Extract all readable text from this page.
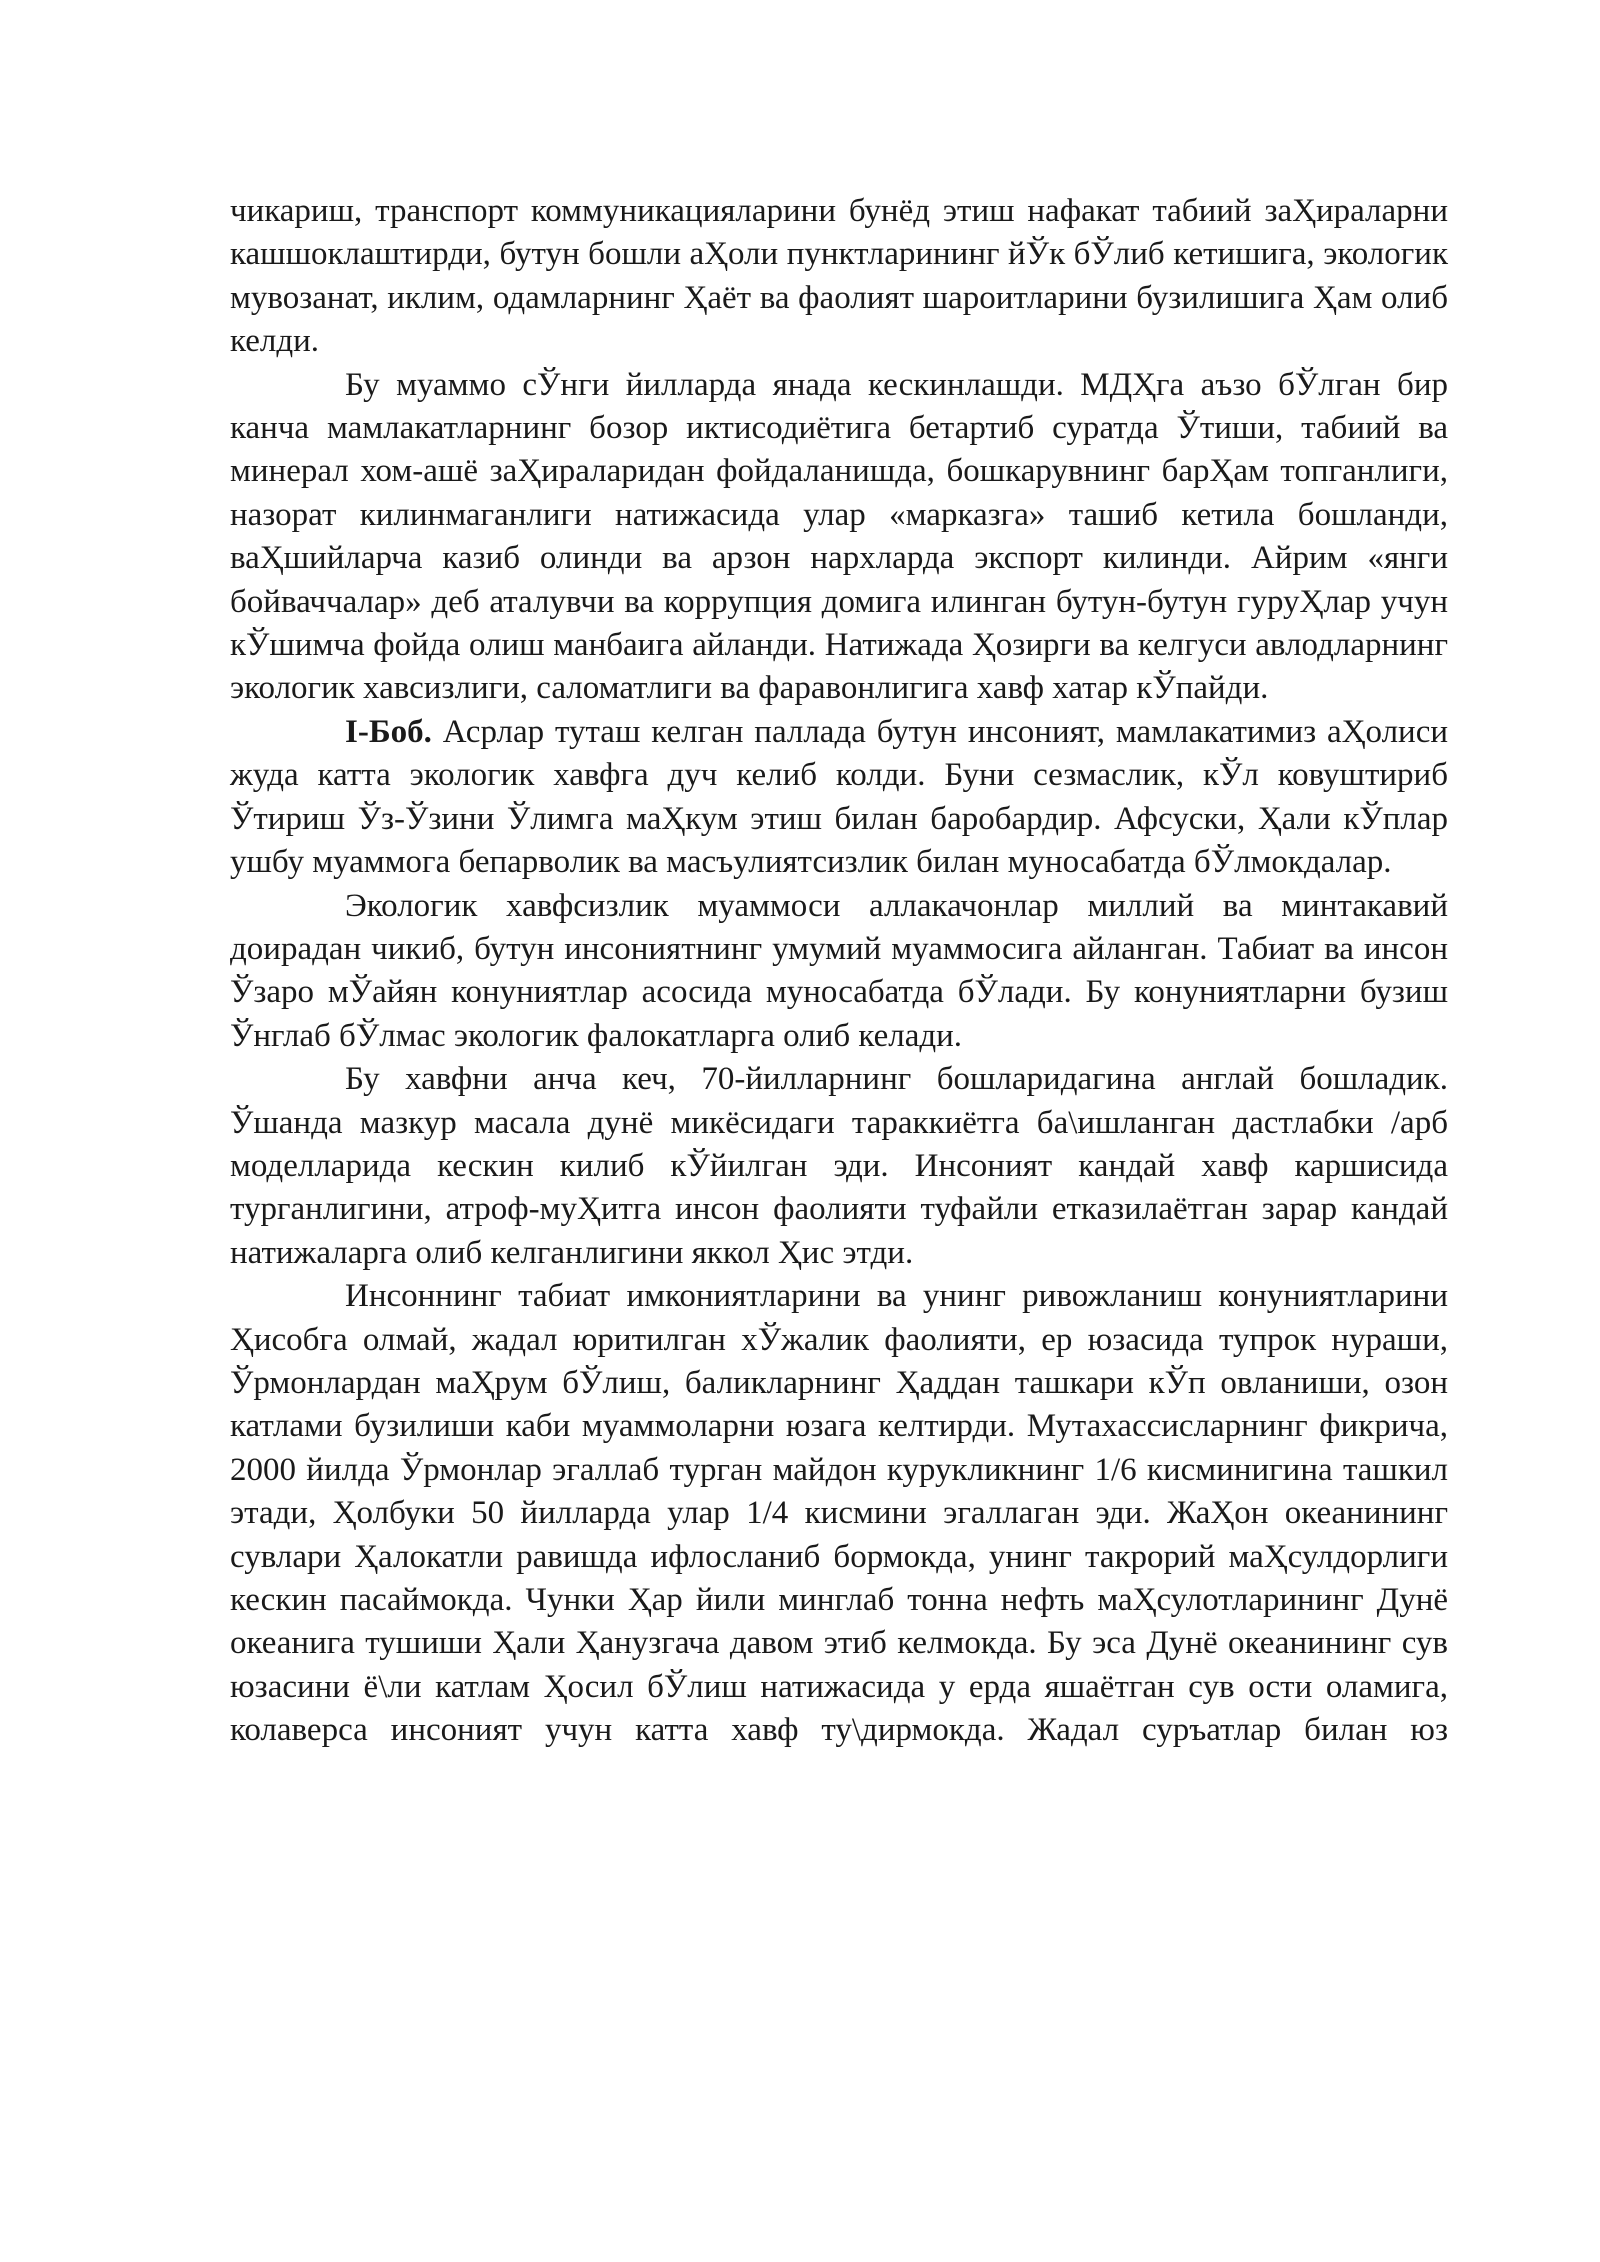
чикариш, транспорт коммуникацияларини бунёд этиш нафакат табиий заҲираларни кашшоклаштирди, бутун бошли аҲоли пунктларининг йЎк бЎлиб кетишига, экологик мувозанат, иклим, одамларнинг Ҳаёт ва фаолият шароитларини бузилишига Ҳам олиб келди.

Бу муаммо сЎнги йилларда янада кескинлашди. МДҲга аъзо бЎлган бир канча мамлакатларнинг бозор иктисодиётига бетартиб суратда Ўтиши, табиий ва минерал хом-ашё заҲираларидан фойдаланишда, бошкарувнинг барҲам топганлиги, назорат килинмаганлиги натижасида улар «марказга» ташиб кетила бошланди, ваҲшийларча казиб олинди ва арзон нархларда экспорт килинди. Айрим «янги бойваччалар» деб аталувчи ва коррупция домига илинган бутун-бутун гуруҲлар учун кЎшимча фойда олиш манбаига айланди. Натижада Ҳозирги ва келгуси авлодларнинг экологик хавсизлиги, саломатлиги ва фаравонлигига хавф хатар кЎпайди.

I-Боб. Асрлар туташ келган паллада бутун инсоният, мамлакатимиз аҲолиси жуда катта экологик хавфга дуч келиб колди. Буни сезмаслик, кЎл ковуштириб Ўтириш Ўз-Ўзини Ўлимга маҲкум этиш билан баробардир. Афсуски, Ҳали кЎплар ушбу муаммога бепарволик ва масъулиятсизлик билан муносабатда бЎлмокдалар.

Экологик хавфсизлик муаммоси аллакачонлар миллий ва минтакавий доирадан чикиб, бутун инсониятнинг умумий муаммосига айланган. Табиат ва инсон Ўзаро мЎайян конуниятлар асосида муносабатда бЎлади. Бу конуниятларни бузиш Ўнглаб бЎлмас экологик фалокатларга олиб келади.

Бу хавфни анча кеч, 70-йилларнинг бошларидагина англай бошладик. Ўшанда мазкур масала дунё микёсидаги тараккиётга ба\ишланган дастлабки /арб моделларида кескин килиб кЎйилган эди. Инсоният кандай хавф каршисида турганлигини, атроф-муҲитга инсон фаолияти туфайли етказилаётган зарар кандай натижаларга олиб келганлигини яккол Ҳис этди.

Инсоннинг табиат имкониятларини ва унинг ривожланиш конуниятларини Ҳисобга олмай, жадал юритилган хЎжалик фаолияти, ер юзасида тупрок нураши, Ўрмонлардан маҲрум бЎлиш, баликларнинг Ҳаддан ташкари кЎп овланиши, озон катлами бузилиши каби муаммоларни юзага келтирди. Мутахассисларнинг фикрича, 2000 йилда Ўрмонлар эгаллаб турган майдон курукликнинг 1/6 кисминигина ташкил этади, Ҳолбуки 50 йилларда улар 1/4 кисмини эгаллаган эди. ЖаҲон океанининг сувлари Ҳалокатли равишда ифлосланиб бормокда, унинг такрорий маҲсулдорлиги кескин пасаймокда. Чунки Ҳар йили минглаб тонна нефть маҲсулотларининг Дунё океанига тушиши Ҳали Ҳанузгача давом этиб келмокда. Бу эса Дунё океанининг сув юзасини ё\ли катлам Ҳосил бЎлиш натижасида у ерда яшаётган сув ости оламига, колаверса инсоният учун катта хавф ту\дирмокда. Жадал суръатлар билан юз
